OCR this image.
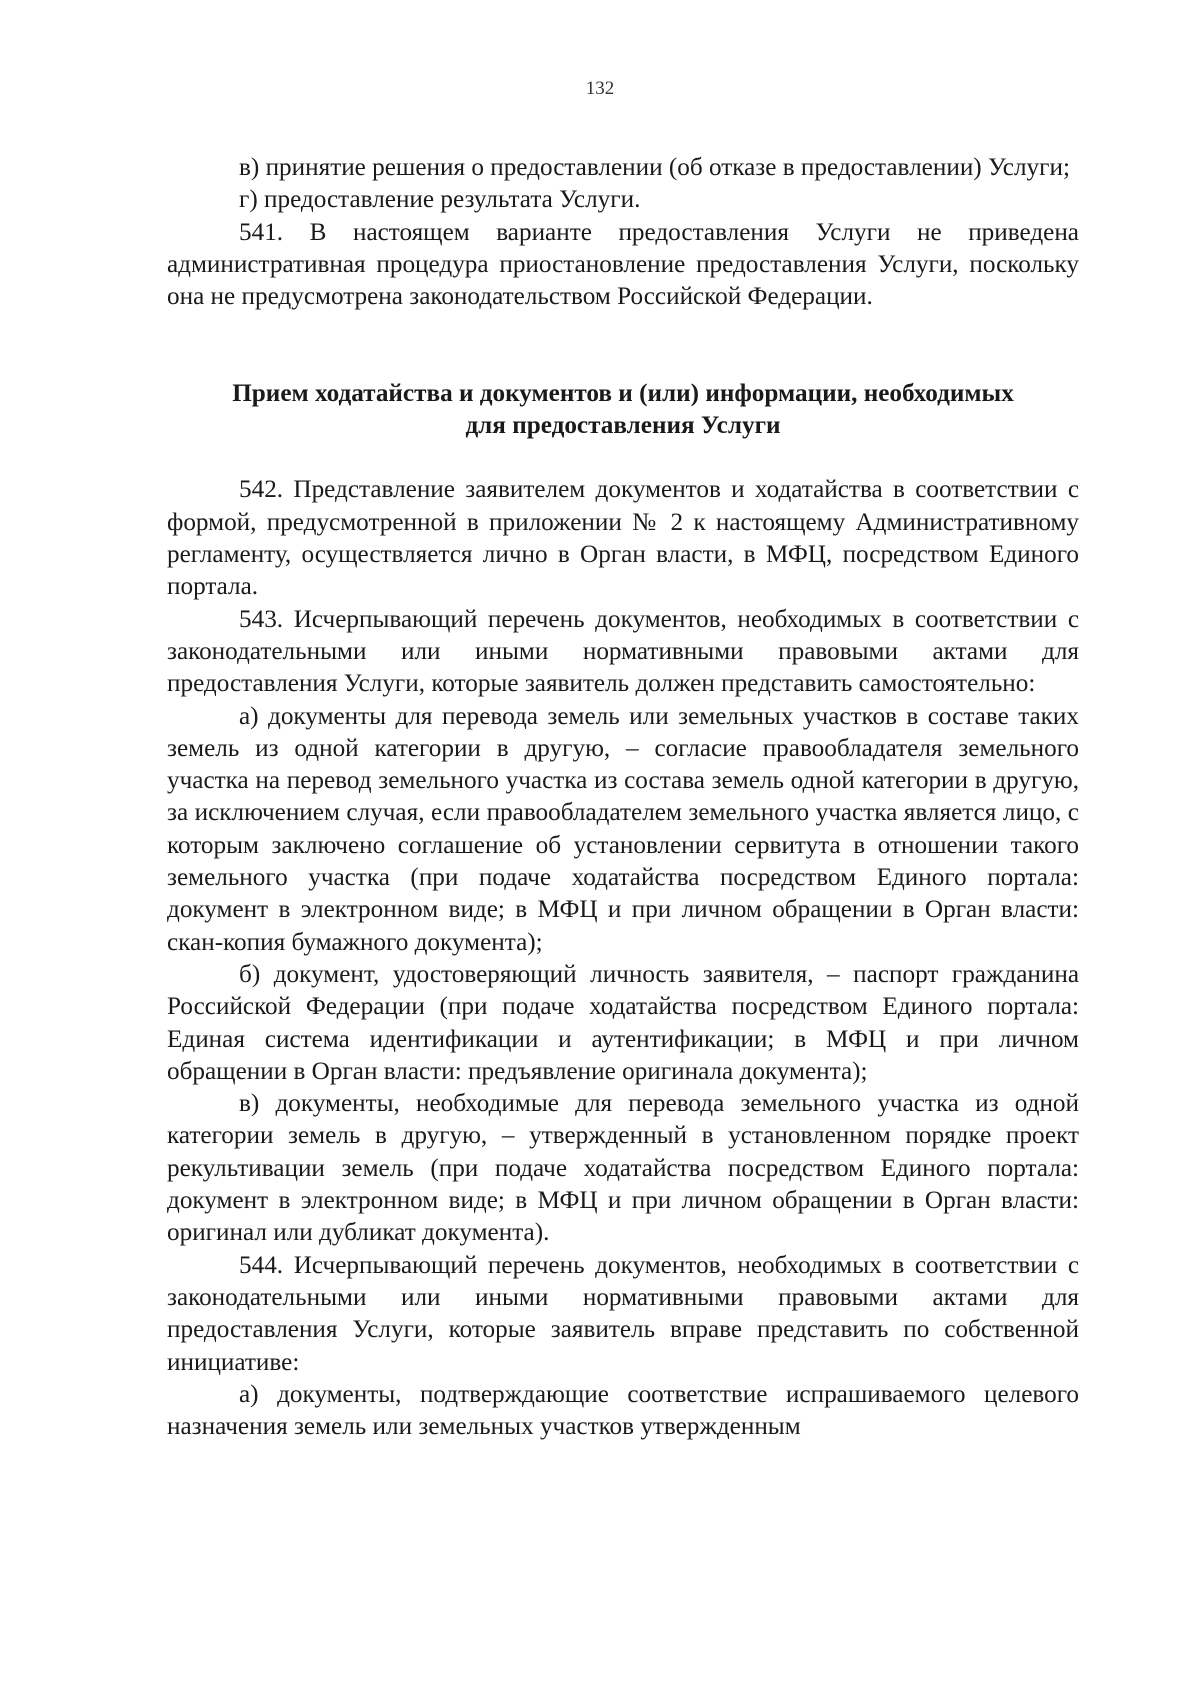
132

в) принятие решения о предоставлении (об отказе в предоставлении) Услуги;

г) предоставление результата Услуги.

541. В настоящем варианте предоставления Услуги не приведена административная процедура приостановление предоставления Услуги, поскольку она не предусмотрена законодательством Российской Федерации.

Прием ходатайства и документов и (или) информации, необходимых
для предоставления Услуги

542. Представление заявителем документов и ходатайства в соответствии с формой, предусмотренной в приложении № 2 к настоящему Административному регламенту, осуществляется лично в Орган власти, в МФЦ, посредством Единого портала.

543. Исчерпывающий перечень документов, необходимых в соответствии с законодательными или иными нормативными правовыми актами для предоставления Услуги, которые заявитель должен представить самостоятельно:

а) документы для перевода земель или земельных участков в составе таких земель из одной категории в другую, – согласие правообладателя земельного участка на перевод земельного участка из состава земель одной категории в другую, за исключением случая, если правообладателем земельного участка является лицо, с которым заключено соглашение об установлении сервитута в отношении такого земельного участка (при подаче ходатайства посредством Единого портала: документ в электронном виде; в МФЦ и при личном обращении в Орган власти: скан-копия бумажного документа);

б) документ, удостоверяющий личность заявителя, – паспорт гражданина Российской Федерации (при подаче ходатайства посредством Единого портала: Единая система идентификации и аутентификации; в МФЦ и при личном обращении в Орган власти: предъявление оригинала документа);

в) документы, необходимые для перевода земельного участка из одной категории земель в другую, – утвержденный в установленном порядке проект рекультивации земель (при подаче ходатайства посредством Единого портала: документ в электронном виде; в МФЦ и при личном обращении в Орган власти: оригинал или дубликат документа).

544. Исчерпывающий перечень документов, необходимых в соответствии с законодательными или иными нормативными правовыми актами для предоставления Услуги, которые заявитель вправе представить по собственной инициативе:

а) документы, подтверждающие соответствие испрашиваемого целевого назначения земель или земельных участков утвержденным
